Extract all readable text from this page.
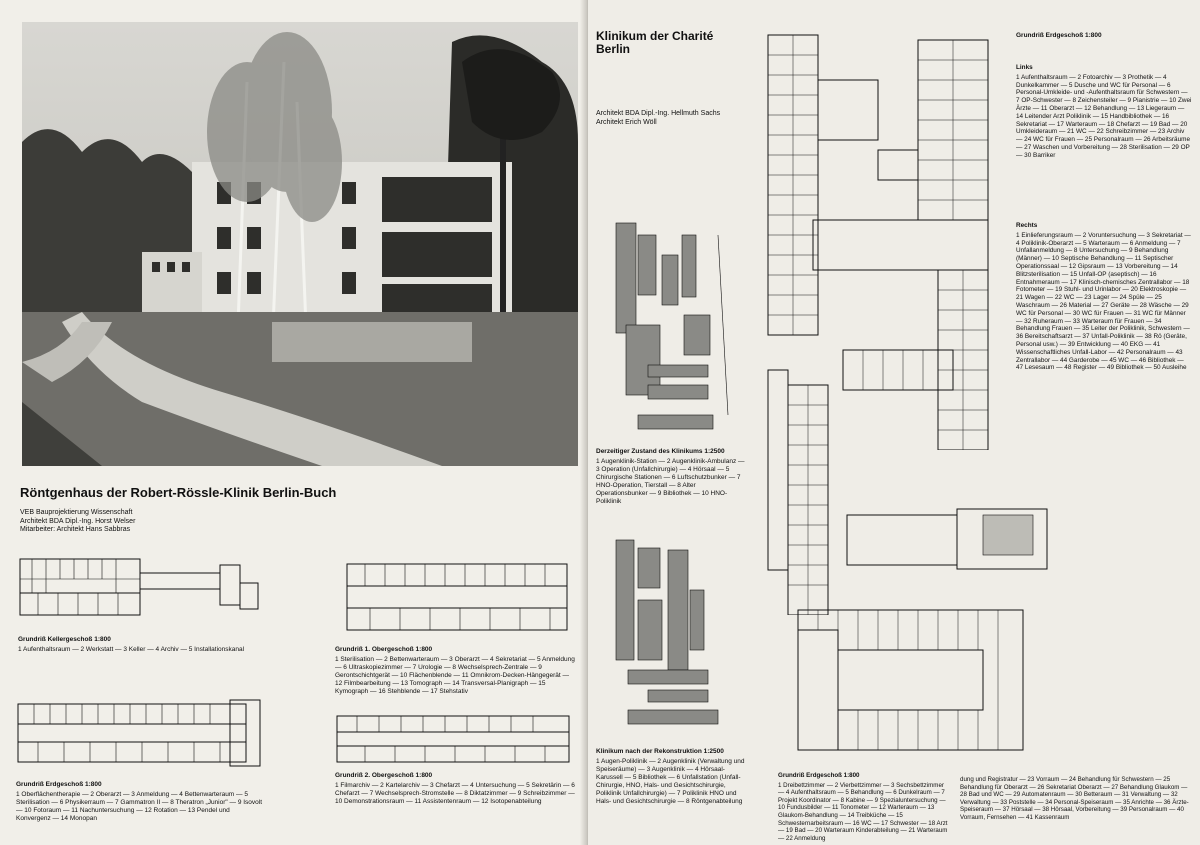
Röntgenhaus der Robert-Rössle-Klinik Berlin-Buch
VEB Bauprojektierung Wissenschaft
Architekt BDA Dipl.-Ing. Horst Welser
Mitarbeiter: Architekt Hans Sabbras
Grundriß Kellergeschoß 1:800
1 Aufenthaltsraum — 2 Werkstatt — 3 Keller — 4 Archiv — 5 Installationskanal	Grundriß 1. Obergeschoß 1:800
1 Sterilisation — 2 Bettenwarteraum — 3 Oberarzt — 4 Sekretariat — 5 Anmeldung — 6 Ultraskopiezimmer — 7 Urologie — 8 Wechselsprech-Zentrale — 9 Gerontschichtgerät — 10 Flächenblende — 11 Omnikrom-Decken-Hängegerät — 12 Filmbearbeitung — 13 Tomograph — 14 Transversal-Planigraph — 15 Kymograph — 16 Stehblende — 17 Stehstativ
Grundriß Erdgeschoß 1:800
1 Oberflächentherapie — 2 Oberarzt — 3 Anmeldung — 4 Bettenwarteraum — 5 Sterilisation — 6 Physikerraum — 7 Gammatron II — 8 Theratron „Junior" — 9 Isovolt — 10 Fotoraum — 11 Nachuntersuchung — 12 Rotation — 13 Pendel und Konvergenz — 14 Monopan
Grundriß 2. Obergeschoß 1:800
1 Filmarchiv — 2 Kartelarchiv — 3 Chefarzt — 4 Untersuchung — 5 Sekretärin — 6 Chefarzt — 7 Wechselsprech-Stromstelle — 8 Diktatzimmer — 9 Schreibzimmer — 10 Demonstrationsraum — 11 Assistentenraum — 12 Isotopenabteilung
Klinikum der Charité
Berlin
Architekt BDA Dipl.-Ing. Hellmuth Sachs
Architekt Erich Wöll
Derzeitiger Zustand des Klinikums 1:2500
1 Augenklinik-Station — 2 Augenklinik-Ambulanz — 3 Operation (Unfallchirurgie) — 4 Hörsaal — 5 Chirurgische Stationen — 6 Luftschutzbunker — 7 HNO-Operation, Tierstall — 8 Alter Operationsbunker — 9 Bibliothek — 10 HNO-Poliklinik
Klinikum nach der Rekonstruktion 1:2500
1 Augen-Poliklinik — 2 Augenklinik (Verwaltung und Speiseräume) — 3 Augenklinik — 4 Hörsaal-Karussell — 5 Bibliothek — 6 Unfallstation (Unfall-Chirurgie, HNO, Hals- und Gesichtschirurgie, Poliklinik Unfallchirurgie) — 7 Poliklinik HNO und Hals- und Gesichtschirurgie — 8 Röntgenabteilung
Grundriß Erdgeschoß 1:800
Links
1 Aufenthaltsraum — 2 Fotoarchiv — 3 Prothetik — 4 Dunkelkammer — 5 Dusche und WC für Personal — 6 Personal-Umkleide- und -Aufenthaltsraum für Schwestern — 7 OP-Schwester — 8 Zeichensteiler — 9 Pianistrie — 10 Zwei Ärzte — 11 Oberarzt — 12 Behandlung — 13 Liegeraum — 14 Leitender Arzt Poliklinik — 15 Handbibliothek — 16 Sekretariat — 17 Warteraum — 18 Chefarzt — 19 Bad — 20 Umkleideraum — 21 WC — 22 Schreibzimmer — 23 Archiv — 24 WC für Frauen — 25 Personalraum — 26 Arbeitsräume — 27 Waschen und Vorbereitung — 28 Sterilisation — 29 OP — 30 Barriker
Rechts
1 Einlieferungsraum — 2 Voruntersuchung — 3 Sekretariat — 4 Poliklinik-Oberarzt — 5 Warteraum — 6 Anmeldung — 7 Unfallanmeldung — 8 Untersuchung — 9 Behandlung (Männer) — 10 Septische Behandlung — 11 Septischer Operationssaal — 12 Gipsraum — 13 Vorbereitung — 14 Blitzsterilisation — 15 Unfall-OP (aseptisch) — 16 Entnahmeraum — 17 Klinisch-chemisches Zentrallabor — 18 Fotometer — 19 Stuhl- und Urinlabor — 20 Elektroskopie — 21 Wagen — 22 WC — 23 Lager — 24 Spüle — 25 Waschraum — 26 Material — 27 Geräte — 28 Wäsche — 29 WC für Personal — 30 WC für Frauen — 31 WC für Männer — 32 Ruheraum — 33 Warteraum für Frauen — 34 Behandlung Frauen — 35 Leiter der Poliklinik, Schwestern — 36 Bereitschaftsarzt — 37 Unfall-Poliklinik — 38 Rö (Geräte, Personal usw.) — 39 Entwicklung — 40 EKG — 41 Wissenschaftliches Unfall-Labor — 42 Personalraum — 43 Zentrallabor — 44 Garderobe — 45 WC — 46 Bibliothek — 47 Lesesaum — 48 Register — 49 Bibliothek — 50 Ausleihe
Grundriß Erdgeschoß 1:800
1 Dreibettzimmer — 2 Vierbettzimmer — 3 Sechsbettzimmer — 4 Aufenthaltsraum — 5 Behandlung — 6 Dunkelraum — 7 Projekt Koordinator — 8 Kabine — 9 Spezialuntersuchung — 10 Fundusbilder — 11 Tonometer — 12 Warteraum — 13 Glaukom-Behandlung — 14 Treibküche — 15 Schwesternarbeitsraum — 16 WC — 17 Schwester — 18 Arzt — 19 Bad — 20 Warteraum Kinderabteilung — 21 Warteraum — 22 Anmeldung
dung und Registratur — 23 Vorraum — 24 Behandlung für Schwestern — 25 Behandlung für Oberarzt — 26 Sekretariat Oberarzt — 27 Behandlung Glaukom — 28 Bad und WC — 29 Automatenraum — 30 Betteraum — 31 Verwaltung — 32 Verwaltung — 33 Poststelle — 34 Personal-Speiseraum — 35 Anrichte — 36 Ärzte-Speiseraum — 37 Hörsaal — 38 Hörsaal, Vorbereitung — 39 Personalraum — 40 Vorraum, Fernsehen — 41 Kassenraum
